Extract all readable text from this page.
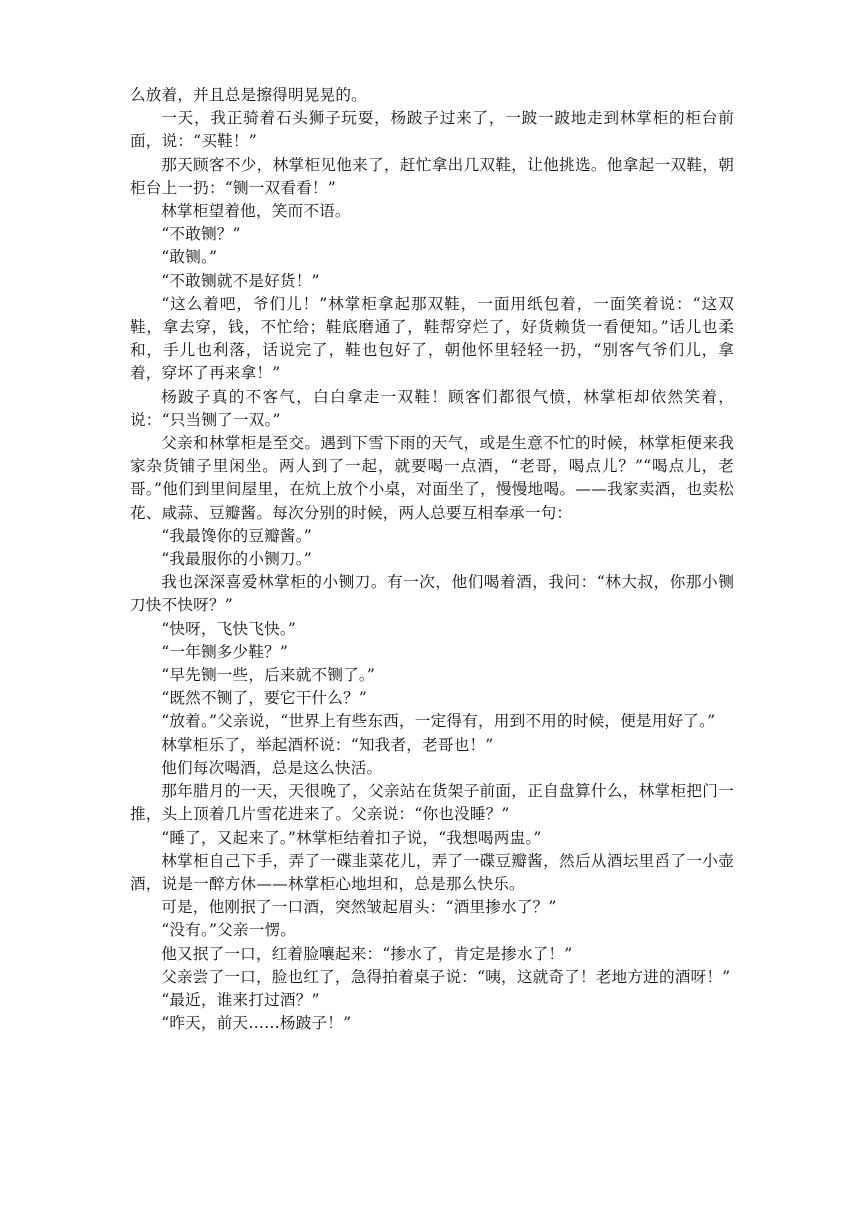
么放着，并且总是擦得明晃晃的。

一天，我正骑着石头狮子玩耍，杨跛子过来了，一跛一跛地走到林掌柜的柜台前面，说：“买鞋！”

那天顾客不少，林掌柜见他来了，赶忙拿出几双鞋，让他挑选。他拿起一双鞋，朝柜台上一扔：“铡一双看看！”

林掌柜望着他，笑而不语。

“不敢铡？”

“敢铡。”

“不敢铡就不是好货！”

“这么着吧，爷们儿！”林掌柜拿起那双鞋，一面用纸包着，一面笑着说：“这双鞋，拿去穿，钱，不忙给；鞋底磨通了，鞋帮穿烂了，好货赖货一看便知。”话儿也柔和，手儿也利落，话说完了，鞋也包好了，朝他怀里轻轻一扔，“别客气爷们儿，拿着，穿坏了再来拿！”

杨跛子真的不客气，白白拿走一双鞋！顾客们都很气愤，林掌柜却依然笑着，说：“只当铡了一双。”

父亲和林掌柜是至交。遇到下雪下雨的天气，或是生意不忙的时候，林掌柜便来我家杂货铺子里闲坐。两人到了一起，就要喝一点酒，“老哥，喝点儿？”“喝点儿，老哥。”他们到里间屋里，在炕上放个小桌，对面坐了，慢慢地喝。——我家卖酒，也卖松花、咸蒜、豆瓣酱。每次分别的时候，两人总要互相奉承一句：

“我最馋你的豆瓣酱。”

“我最服你的小铡刀。”

我也深深喜爱林掌柜的小铡刀。有一次，他们喝着酒，我问：“林大叔，你那小铡刀快不快呀？”

“快呀，飞快飞快。”

“一年铡多少鞋？”

“早先铡一些，后来就不铡了。”

“既然不铡了，要它干什么？”

“放着。”父亲说，“世界上有些东西，一定得有，用到不用的时候，便是用好了。”

林掌柜乐了，举起酒杯说：“知我者，老哥也！”

他们每次喝酒，总是这么快活。

那年腊月的一天，天很晚了，父亲站在货架子前面，正自盘算什么，林掌柜把门一推，头上顶着几片雪花进来了。父亲说：“你也没睡？”

“睡了，又起来了。”林掌柜结着扣子说，“我想喝两盅。”

林掌柜自己下手，弄了一碟韭菜花儿，弄了一碟豆瓣酱，然后从酒坛里舀了一小壶酒，说是一醉方休——林掌柜心地坦和，总是那么快乐。

可是，他刚抿了一口酒，突然皱起眉头：“酒里掺水了？”

“没有。”父亲一愣。

他又抿了一口，红着脸嚷起来：“掺水了，肯定是掺水了！”

父亲尝了一口，脸也红了，急得拍着桌子说：“咦，这就奇了！老地方进的酒呀！”

“最近，谁来打过酒？”

“昨天，前天……杨跛子！”
